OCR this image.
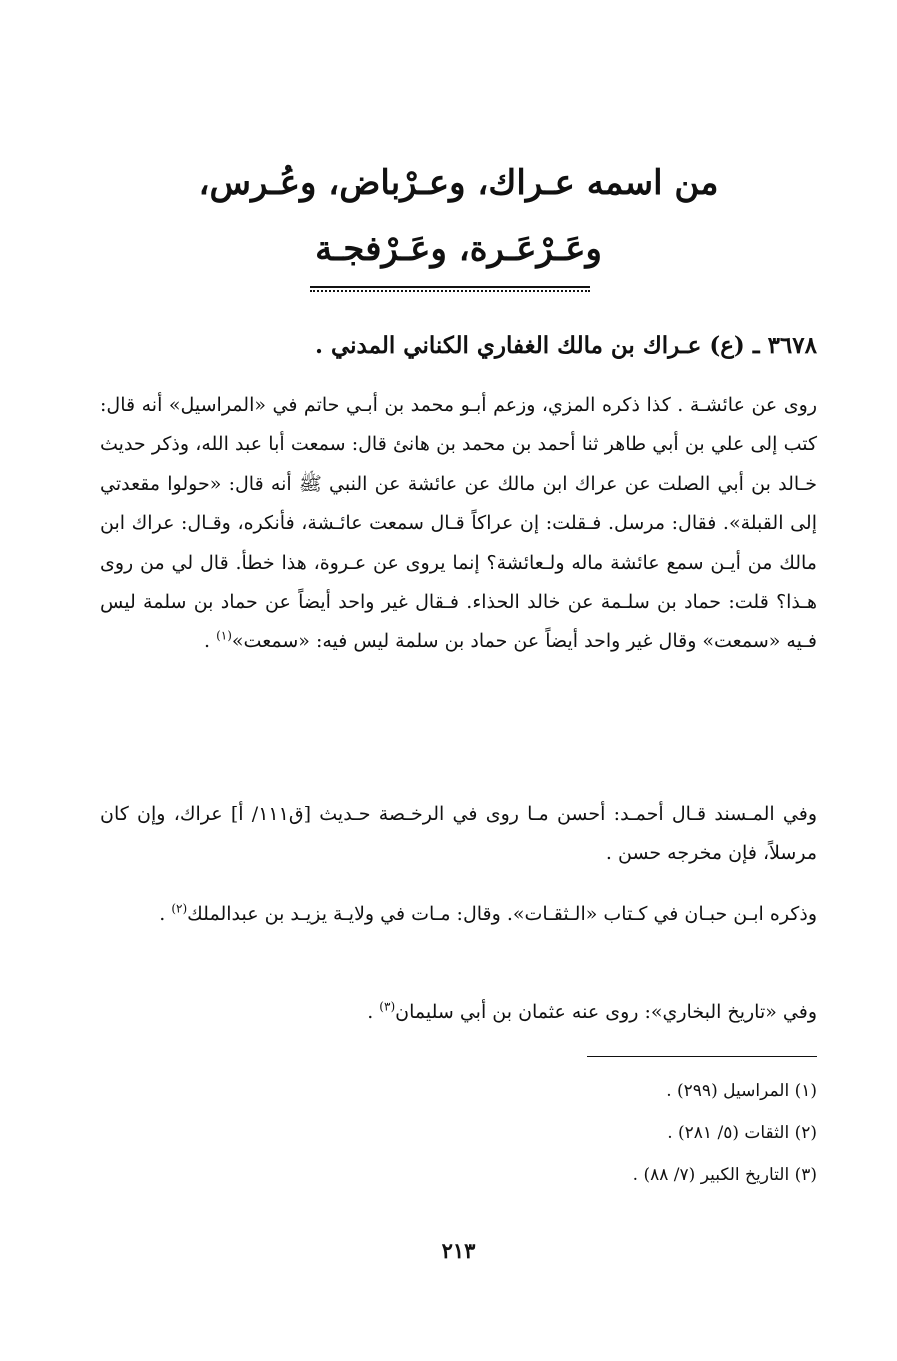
من اسمه عـراك، وعـرْباض، وعُـرس،
وعَـرْعَـرة، وعَـرْفجـة
٣٦٧٨ ـ (ع) عـراك بن مالك الغفاري الكناني المدني .

روى عن عائشـة . كذا ذكره المزي، وزعم أبـو محمد بن أبـي حاتم في «المراسيل» أنه قال: كتب إلى علي بن أبي طاهر ثنا أحمد بن محمد بن هانئ قال: سمعت أبا عبد الله، وذكر حديث خـالد بن أبي الصلت عن عراك ابن مالك عن عائشة عن النبي ﷺ أنه قال: «حولوا مقعدتي إلى القبلة». فقال: مرسل. فـقلت: إن عراكاً قـال سمعت عائـشة، فأنكره، وقـال: عراك ابن مالك من أيـن سمع عائشة ماله ولـعائشة؟ إنما يروى عن عـروة، هذا خطأ. قال لي من روى هـذا؟ قلت: حماد بن سلـمة عن خالد الحذاء. فـقال غير واحد أيضاً عن حماد بن سلمة ليس فـيه «سمعت» وقال غير واحد أيضاً عن حماد بن سلمة ليس فيه: «سمعت»$^{(١)}$ .

وفي المـسند قـال أحمـد: أحسن مـا روى في الرخـصة حـديث [ق١١١/ أ] عراك، وإن كان مرسلاً، فإن مخرجه حسن .

وذكره ابـن حبـان في كـتاب «الـثقـات». وقال: مـات في ولايـة يزيـد بن عبدالملك$^{(٢)}$ .

وفي «تاريخ البخاري»: روى عنه عثمان بن أبي سليمان$^{(٣)}$ .

(١) المراسيل (٢٩٩) .
(٢) الثقات (٥/ ٢٨١) .
(٣) التاريخ الكبير (٧/ ٨٨) .
٢١٣
